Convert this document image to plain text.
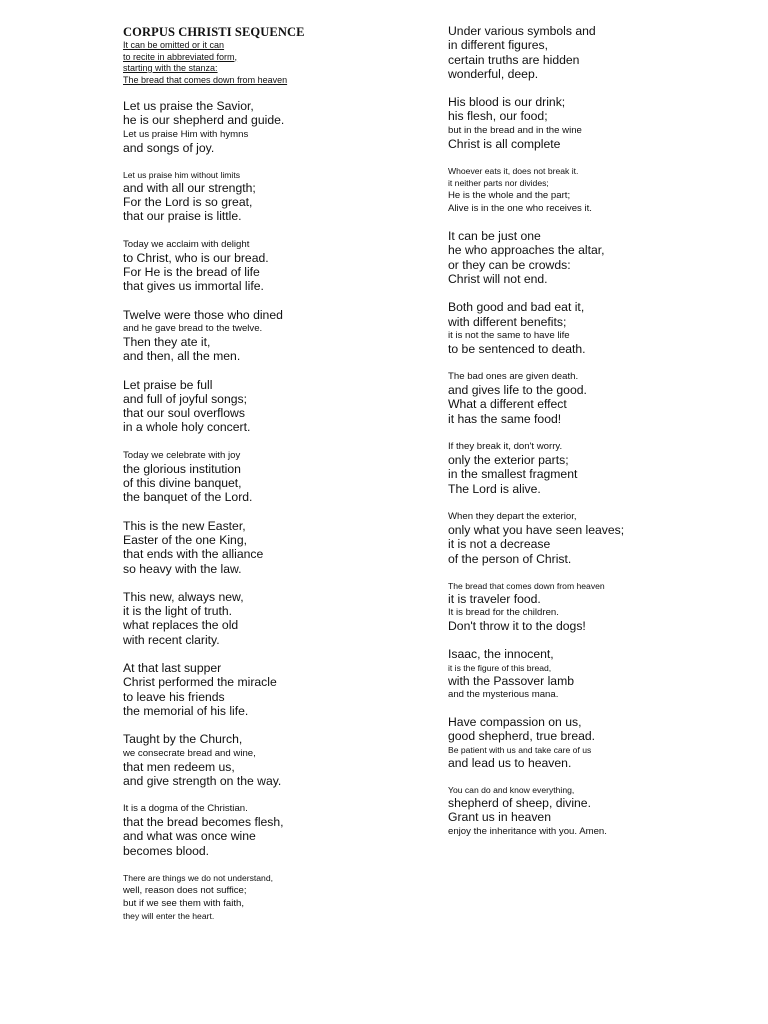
CORPUS CHRISTI SEQUENCE
It can be omitted or it can
to recite in abbreviated form,
starting with the stanza:
The bread that comes down from heaven
Let us praise the Savior,
he is our shepherd and guide.
Let us praise Him with hymns
and songs of joy.
Let us praise him without limits
and with all our strength;
For the Lord is so great,
that our praise is little.
Today we acclaim with delight
to Christ, who is our bread.
For He is the bread of life
that gives us immortal life.
Twelve were those who dined
and he gave bread to the twelve.
Then they ate it,
and then, all the men.
Let praise be full
and full of joyful songs;
that our soul overflows
in a whole holy concert.
Today we celebrate with joy
the glorious institution
of this divine banquet,
the banquet of the Lord.
This is the new Easter,
Easter of the one King,
that ends with the alliance
so heavy with the law.
This new, always new,
it is the light of truth.
what replaces the old
with recent clarity.
At that last supper
Christ performed the miracle
to leave his friends
the memorial of his life.
Taught by the Church,
we consecrate bread and wine,
that men redeem us,
and give strength on the way.
It is a dogma of the Christian.
that the bread becomes flesh,
and what was once wine
becomes blood.
There are things we do not understand,
well, reason does not suffice;
but if we see them with faith,
they will enter the heart.
Under various symbols and
in different figures,
certain truths are hidden
wonderful, deep.
His blood is our drink;
his flesh, our food;
but in the bread and in the wine
Christ is all complete
Whoever eats it, does not break it.
it neither parts nor divides;
He is the whole and the part;
Alive is in the one who receives it.
It can be just one
he who approaches the altar,
or they can be crowds:
Christ will not end.
Both good and bad eat it,
with different benefits;
it is not the same to have life
to be sentenced to death.
The bad ones are given death.
and gives life to the good.
What a different effect
it has the same food!
If they break it, don't worry.
only the exterior parts;
in the smallest fragment
The Lord is alive.
When they depart the exterior,
only what you have seen leaves;
it is not a decrease
of the person of Christ.
The bread that comes down from heaven
it is traveler food.
It is bread for the children.
Don't throw it to the dogs!
Isaac, the innocent,
it is the figure of this bread,
with the Passover lamb
and the mysterious mana.
Have compassion on us,
good shepherd, true bread.
Be patient with us and take care of us
and lead us to heaven.
You can do and know everything,
shepherd of sheep, divine.
Grant us in heaven
enjoy the inheritance with you. Amen.
